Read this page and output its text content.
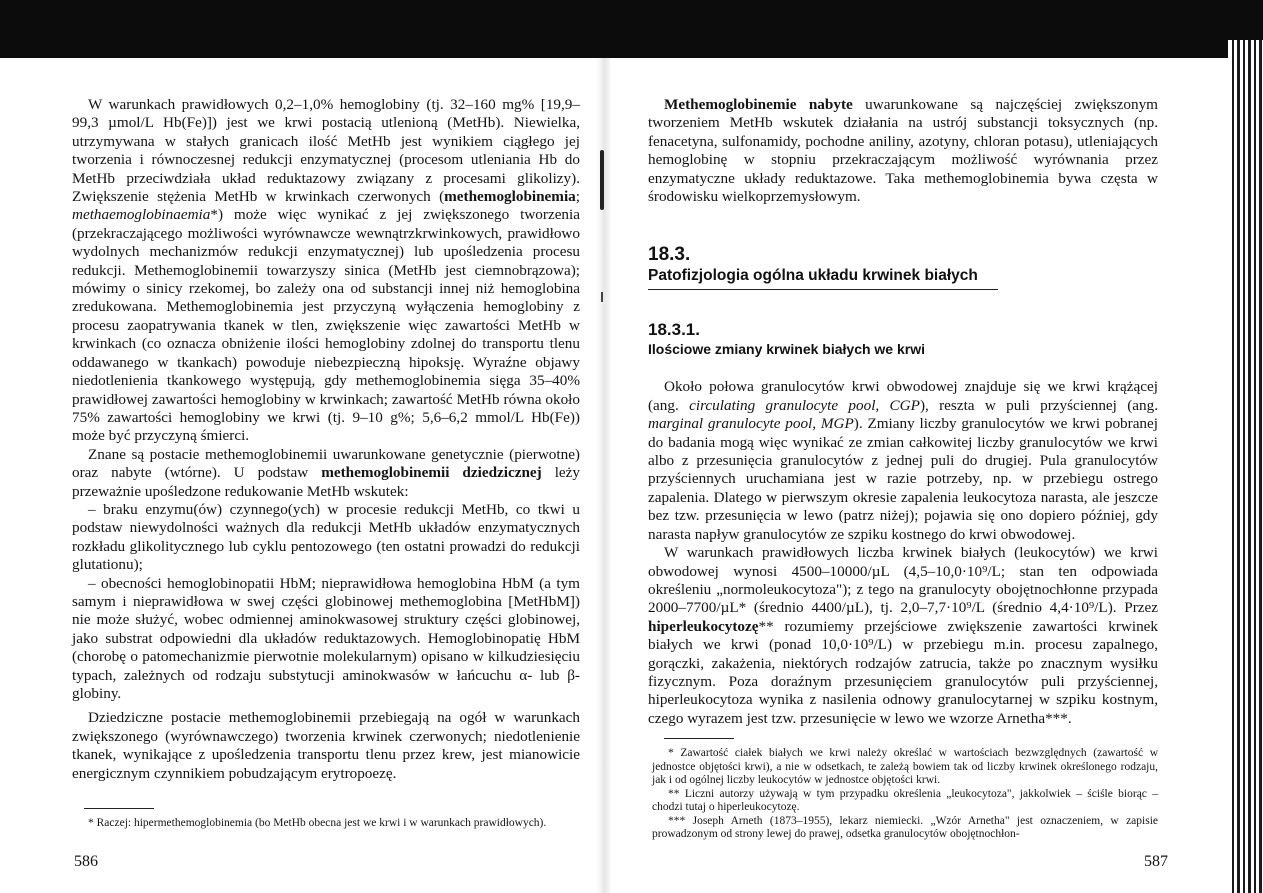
W warunkach prawidłowych 0,2–1,0% hemoglobiny (tj. 32–160 mg% [19,9–99,3 µmol/L Hb(Fe)]) jest we krwi postacią utlenioną (MetHb). Niewielka, utrzymywana w stałych granicach ilość MetHb jest wynikiem ciągłego jej tworzenia i równoczesnej redukcji enzymatycznej (procesom utleniania Hb do MetHb przeciwdziała układ reduktazowy związany z procesami glikolizy). Zwiększenie stężenia MetHb w krwinkach czerwonych (methemoglobinemia; methaemoglobinaemia*) może więc wynikać z jej zwiększonego tworzenia (przekraczającego możliwości wyrównawcze wewnątrzkrwinkowych, prawidłowo wydolnych mechanizmów redukcji enzymatycznej) lub upośledzenia procesu redukcji. Methemoglobinemii towarzyszy sinica (MetHb jest ciemnobrązowa); mówimy o sinicy rzekomej, bo zależy ona od substancji innej niż hemoglobina zredukowana. Methemoglobinemia jest przyczyną wyłączenia hemoglobiny z procesu zaopatrywania tkanek w tlen, zwiększenie więc zawartości MetHb w krwinkach (co oznacza obniżenie ilości hemoglobiny zdolnej do transportu tlenu oddawanego w tkankach) powoduje niebezpieczną hipoksję. Wyraźne objawy niedotlenienia tkankowego występują, gdy methemoglobinemia sięga 35–40% prawidłowej zawartości hemoglobiny w krwinkach; zawartość MetHb równa około 75% zawartości hemoglobiny we krwi (tj. 9–10 g%; 5,6–6,2 mmol/L Hb(Fe)) może być przyczyną śmierci.

Znane są postacie methemoglobinemii uwarunkowane genetycznie (pierwotne) oraz nabyte (wtórne). U podstaw methemoglobinemii dziedzicznej leży przeważnie upośledzone redukowanie MetHb wskutek:

– braku enzymu(ów) czynnego(ych) w procesie redukcji MetHb, co tkwi u podstaw niewydolności ważnych dla redukcji MetHb układów enzymatycznych rozkładu glikolitycznego lub cyklu pentozowego (ten ostatni prowadzi do redukcji glutationu);

– obecności hemoglobinopatii HbM; nieprawidłowa hemoglobina HbM (a tym samym i nieprawidłowa w swej części globinowej methemoglobina [MetHbM]) nie może służyć, wobec odmiennej aminokwasowej struktury części globinowej, jako substrat odpowiedni dla układów reduktazowych. Hemoglobinopatię HbM (chorobę o patomechanizmie pierwotnie molekularnym) opisano w kilkudziesięciu typach, zależnych od rodzaju substytucji aminokwasów w łańcuchu α- lub β-globiny.

Dziedziczne postacie methemoglobinemii przebiegają na ogół w warunkach zwiększonego (wyrównawczego) tworzenia krwinek czerwonych; niedotlenienie tkanek, wynikające z upośledzenia transportu tlenu przez krew, jest mianowicie energicznym czynnikiem pobudzającym erytropoezę.

* Raczej: hipermethemoglobinemia (bo MetHb obecna jest we krwi i w warunkach prawidłowych).

586

Methemoglobinemie nabyte uwarunkowane są najczęściej zwiększonym tworzeniem MetHb wskutek działania na ustrój substancji toksycznych (np. fenacetyna, sulfonamidy, pochodne aniliny, azotyny, chloran potasu), utleniających hemoglobinę w stopniu przekraczającym możliwość wyrównania przez enzymatyczne układy reduktazowe. Taka methemoglobinemia bywa częsta w środowisku wielkoprzemysłowym.

18.3.
Patofizjologia ogólna układu krwinek białych
18.3.1.
Ilościowe zmiany krwinek białych we krwi

Około połowa granulocytów krwi obwodowej znajduje się we krwi krążącej (ang. circulating granulocyte pool, CGP), reszta w puli przyściennej (ang. marginal granulocyte pool, MGP). Zmiany liczby granulocytów we krwi pobranej do badania mogą więc wynikać ze zmian całkowitej liczby granulocytów we krwi albo z przesunięcia granulocytów z jednej puli do drugiej. Pula granulocytów przyściennych uruchamiana jest w razie potrzeby, np. w przebiegu ostrego zapalenia. Dlatego w pierwszym okresie zapalenia leukocytoza narasta, ale jeszcze bez tzw. przesunięcia w lewo (patrz niżej); pojawia się ono dopiero później, gdy narasta napływ granulocytów ze szpiku kostnego do krwi obwodowej.

W warunkach prawidłowych liczba krwinek białych (leukocytów) we krwi obwodowej wynosi 4500–10000/µL (4,5–10,0·10⁹/L; stan ten odpowiada określeniu „normoleukocytoza"); z tego na granulocyty obojętnochłonne przypada 2000–7700/µL* (średnio 4400/µL), tj. 2,0–7,7·10⁹/L (średnio 4,4·10⁹/L). Przez hiperleukocytozę** rozumiemy przejściowe zwiększenie zawartości krwinek białych we krwi (ponad 10,0·10⁹/L) w przebiegu m.in. procesu zapalnego, gorączki, zakażenia, niektórych rodzajów zatrucia, także po znacznym wysiłku fizycznym. Poza doraźnym przesunięciem granulocytów puli przyściennej, hiperleukocytoza wynika z nasilenia odnowy granulocytarnej w szpiku kostnym, czego wyrazem jest tzw. przesunięcie w lewo we wzorze Arnetha***.

* Zawartość ciałek białych we krwi należy określać w wartościach bezwzględnych (zawartość w jednostce objętości krwi), a nie w odsetkach, te zależą bowiem tak od liczby krwinek określonego rodzaju, jak i od ogólnej liczby leukocytów w jednostce objętości krwi.

** Liczni autorzy używają w tym przypadku określenia „leukocytoza", jakkolwiek – ściśle biorąc – chodzi tutaj o hiperleukocytozę.

*** Joseph Arneth (1873–1955), lekarz niemiecki. „Wzór Arnetha" jest oznaczeniem, w zapisie prowadzonym od strony lewej do prawej, odsetka granulocytów obojętnochłon-

587
